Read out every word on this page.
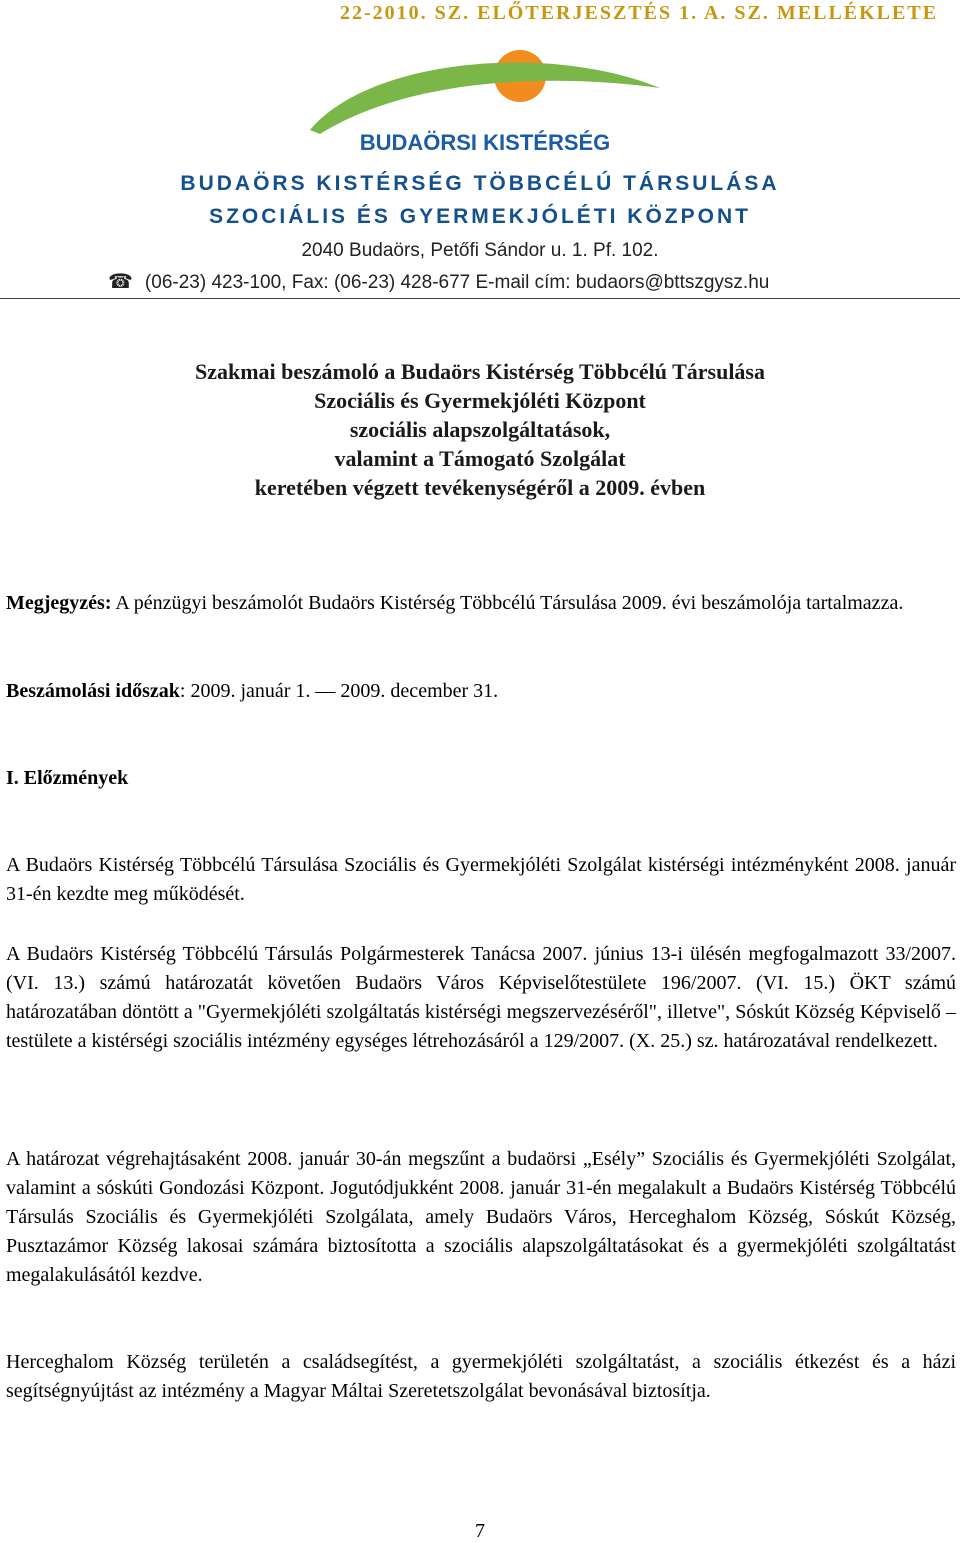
22-2010. SZ. ELŐTERJESZTÉS 1. A. SZ. MELLÉKLETE
BUDAÖRSI KISTÉRSÉG
BUDAÖRS KISTÉRSÉG TÖBBCÉLÚ TÁRSULÁSA
SZOCIÁLIS ÉS GYERMEKJÓLÉTI KÖZPONT
2040 Budaörs, Petőfi Sándor u. 1. Pf. 102.
☎ (06-23) 423-100, Fax: (06-23) 428-677 E-mail cím: budaors@bttszgysz.hu
Szakmai beszámoló a Budaörs Kistérség Többcélú Társulása
Szociális és Gyermekjóléti Központ
szociális alapszolgáltatások,
valamint a Támogató Szolgálat
keretében végzett tevékenységéről a 2009. évben
Megjegyzés: A pénzügyi beszámolót Budaörs Kistérség Többcélú Társulása 2009. évi beszámolója tartalmazza.
Beszámolási időszak: 2009. január 1. — 2009. december 31.
I. Előzmények
A Budaörs Kistérség Többcélú Társulása Szociális és Gyermekjóléti Szolgálat kistérségi intézményként 2008. január 31-én kezdte meg működését.
A Budaörs Kistérség Többcélú Társulás Polgármesterek Tanácsa 2007. június 13-i ülésén megfogalmazott 33/2007. (VI. 13.) számú határozatát követően Budaörs Város Képviselőtestülete 196/2007. (VI. 15.) ÖKT számú határozatában döntött a "Gyermekjóléti szolgáltatás kistérségi megszervezéséről", illetve", Sóskút Község Képviselő – testülete a kistérségi szociális intézmény egységes létrehozásáról a 129/2007. (X. 25.) sz. határozatával rendelkezett.
A határozat végrehajtásaként 2008. január 30-án megszűnt a budaörsi „Esély” Szociális és Gyermekjóléti Szolgálat, valamint a sóskúti Gondozási Központ. Jogutódjukként 2008. január 31-én megalakult a Budaörs Kistérség Többcélú Társulás Szociális és Gyermekjóléti Szolgálata, amely Budaörs Város, Herceghalom Község, Sóskút Község, Pusztazámor Község lakosai számára biztosította a szociális alapszolgáltatásokat és a gyermekjóléti szolgáltatást megalakulásától kezdve.
Herceghalom Község területén a családsegítést, a gyermekjóléti szolgáltatást, a szociális étkezést és a házi segítségnyújtást az intézmény a Magyar Máltai Szeretetszolgálat bevonásával biztosítja.
7
